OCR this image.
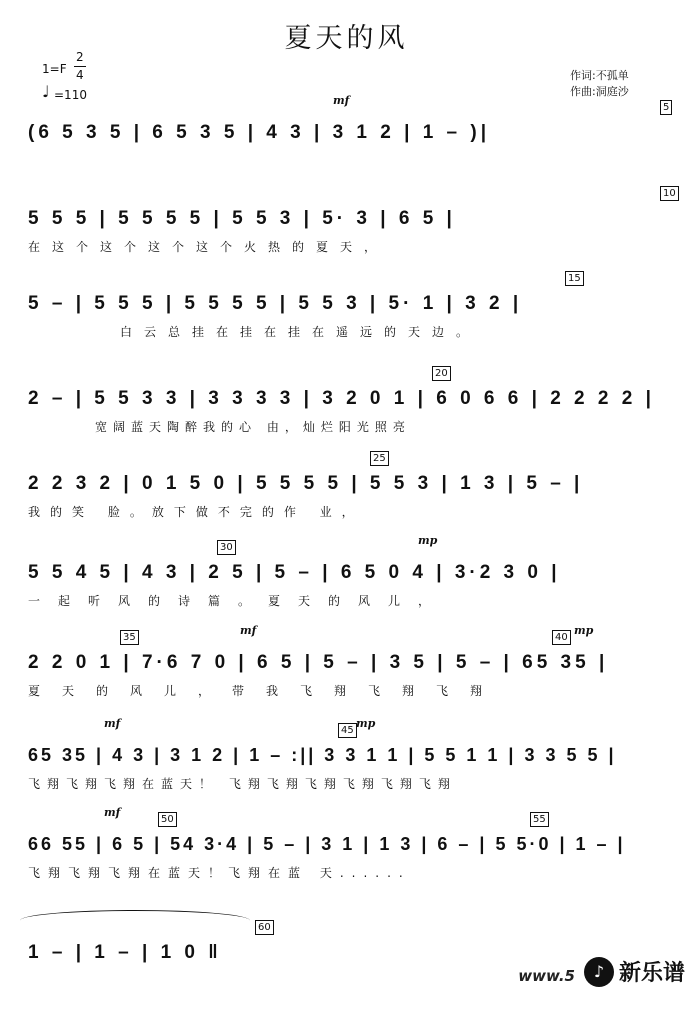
夏天的风
1=F
2
4
♩ =110
作词:不孤单
作曲:洞庭沙
mf
5
(6 5 3 5 | 6 5 3 5 | 4 3 | 3 1 2 | 1 – )|
10
5 5 5 | 5 5 5 5 | 5 5 3 | 5· 3 | 6 5 |
在这个这个这个这个火热的夏天，
15
5 – | 5 5 5 | 5 5 5 5 | 5 5 3 | 5· 1 | 3 2 |
白云总挂在挂在挂在遥远的天边。
20
2 – | 5 5 3 3 | 3 3 3 3 | 3 2 0 1 | 6 0 6 6 | 2 2 2 2 |
宽阔蓝天陶醉我的心 由，灿烂阳光照亮
25
2 2 3 2 | 0 1 5 0 | 5 5 5 5 | 5 5 3 | 1 3 | 5 – |
我的笑 脸。放下做不完的作 业，
30
mp
5 5 4 5 | 4 3 | 2 5 | 5 – | 6 5 0 4 | 3·2 3 0 |
一起听风的诗篇。夏天的风儿，
35
mf
40
mp
2 2 0 1 | 7·6 7 0 | 6 5 | 5 – | 3 5 | 5 – | 65 35 |
夏天的风儿，带我飞翔飞翔飞翔
mf
45
mp
65 35 | 4 3 | 3 1 2 | 1 – :|| 3 3 1 1 | 5 5 1 1 | 3 3 5 5 |
飞翔飞翔飞翔在蓝天！ 飞翔飞翔飞翔飞翔飞翔飞翔
mf
50	55
66 55 | 6 5 | 54 3·4 | 5 – | 3 1 | 1 3 | 6 – | 5 5·0 | 1 – |
飞翔飞翔飞翔在蓝天！飞翔在蓝 天......
60
1 – | 1 – | 1 0 ‖
www.5	♪ 新乐谱
